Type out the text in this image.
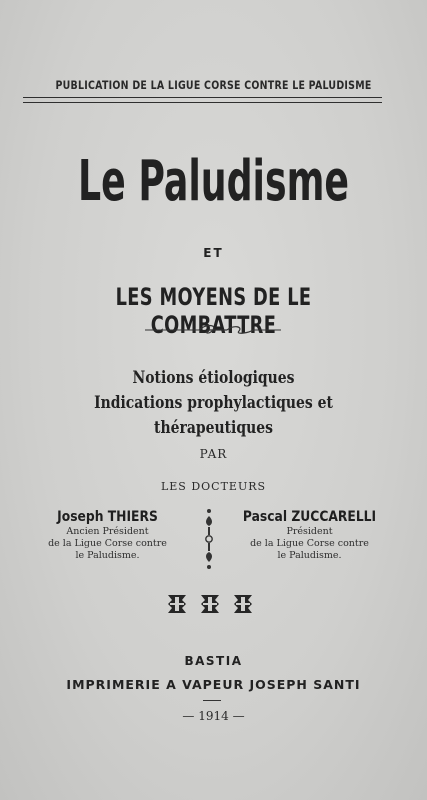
PUBLICATION DE LA LIGUE CORSE CONTRE LE PALUDISME
Le Paludisme
ET
LES MOYENS DE LE COMBATTRE
Notions étiologiques
Indications prophylactiques et thérapeutiques
PAR
LES DOCTEURS
Joseph THIERS
Ancien Président
de la Ligue Corse contre
le Paludisme.
Pascal ZUCCARELLI
Président
de la Ligue Corse contre
le Paludisme.
BASTIA
IMPRIMERIE A VAPEUR JOSEPH SANTI
— 1914 —
